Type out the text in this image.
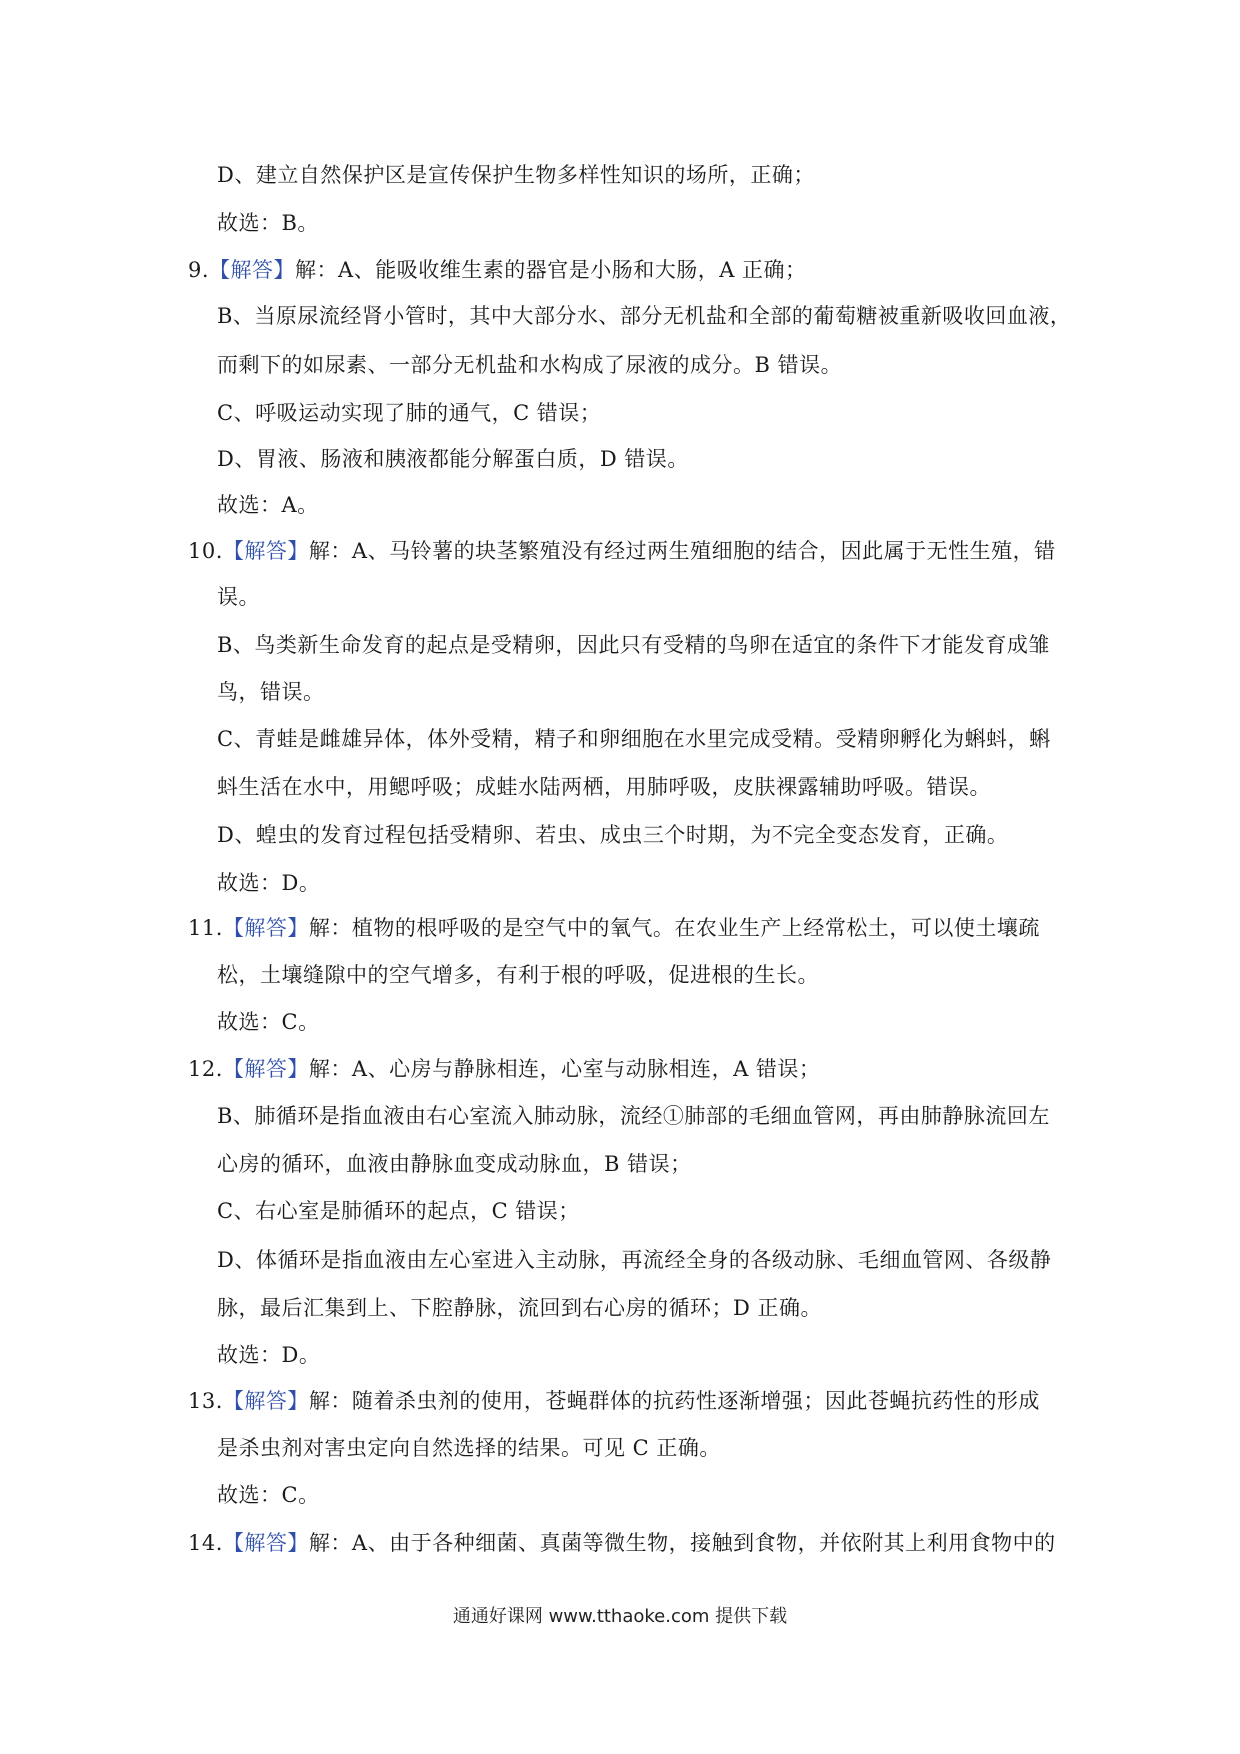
D、建立自然保护区是宣传保护生物多样性知识的场所，正确；
故选：B。
9.【解答】解：A、能吸收维生素的器官是小肠和大肠，A 正确；
B、当原尿流经肾小管时，其中大部分水、部分无机盐和全部的葡萄糖被重新吸收回血液，
而剩下的如尿素、一部分无机盐和水构成了尿液的成分。B 错误。
C、呼吸运动实现了肺的通气，C 错误；
D、胃液、肠液和胰液都能分解蛋白质，D 错误。
故选：A。
10.【解答】解：A、马铃薯的块茎繁殖没有经过两生殖细胞的结合，因此属于无性生殖，错
误。
B、鸟类新生命发育的起点是受精卵，因此只有受精的鸟卵在适宜的条件下才能发育成雏
鸟，错误。
C、青蛙是雌雄异体，体外受精，精子和卵细胞在水里完成受精。受精卵孵化为蝌蚪，蝌
蚪生活在水中，用鳃呼吸；成蛙水陆两栖，用肺呼吸，皮肤裸露辅助呼吸。错误。
D、蝗虫的发育过程包括受精卵、若虫、成虫三个时期，为不完全变态发育，正确。
故选：D。
11.【解答】解：植物的根呼吸的是空气中的氧气。在农业生产上经常松土，可以使土壤疏
松，土壤缝隙中的空气增多，有利于根的呼吸，促进根的生长。
故选：C。
12.【解答】解：A、心房与静脉相连，心室与动脉相连，A 错误；
B、肺循环是指血液由右心室流入肺动脉，流经①肺部的毛细血管网，再由肺静脉流回左
心房的循环，血液由静脉血变成动脉血，B 错误；
C、右心室是肺循环的起点，C 错误；
D、体循环是指血液由左心室进入主动脉，再流经全身的各级动脉、毛细血管网、各级静
脉，最后汇集到上、下腔静脉，流回到右心房的循环；D 正确。
故选：D。
13.【解答】解：随着杀虫剂的使用，苍蝇群体的抗药性逐渐增强；因此苍蝇抗药性的形成
是杀虫剂对害虫定向自然选择的结果。可见 C 正确。
故选：C。
14.【解答】解：A、由于各种细菌、真菌等微生物，接触到食物，并依附其上利用食物中的
通通好课网 www.tthaoke.com 提供下载
